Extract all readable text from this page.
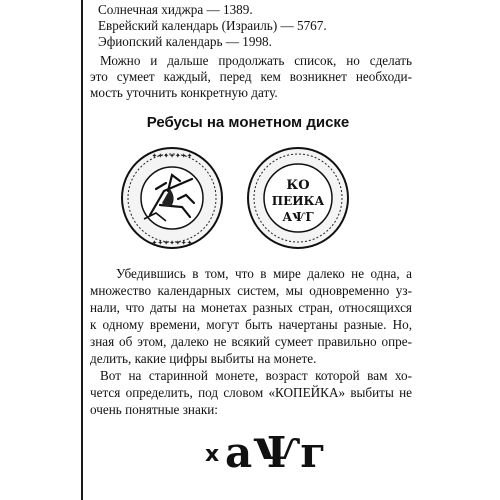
Солнечная хиджра — 1389.
Еврейский календарь (Израиль) — 5767.
Эфиопский календарь — 1998.
Можно и дальше продолжать список, но сделать
это сумеет каждый, перед кем возникнет необходи-
мость уточнить конкретную дату.
Ребусы на монетном диске
✦✦✦✦✦✦✦
✦✦✦✦✦✦✦
КО
ПЕИКА
АѰГ
Убедившись в том, что в мире далеко не одна, а
множество календарных систем, мы одновременно уз-
нали, что даты на монетах разных стран, относящихся
к одному времени, могут быть начертаны разные. Но,
зная об этом, далеко не всякий сумеет правильно опре-
делить, какие цифры выбиты на монете.
Вот на старинной монете, возраст которой вам хо-
чется определить, под словом «КОПЕЙКА» выбиты не
очень понятные знаки:
х аѰг
